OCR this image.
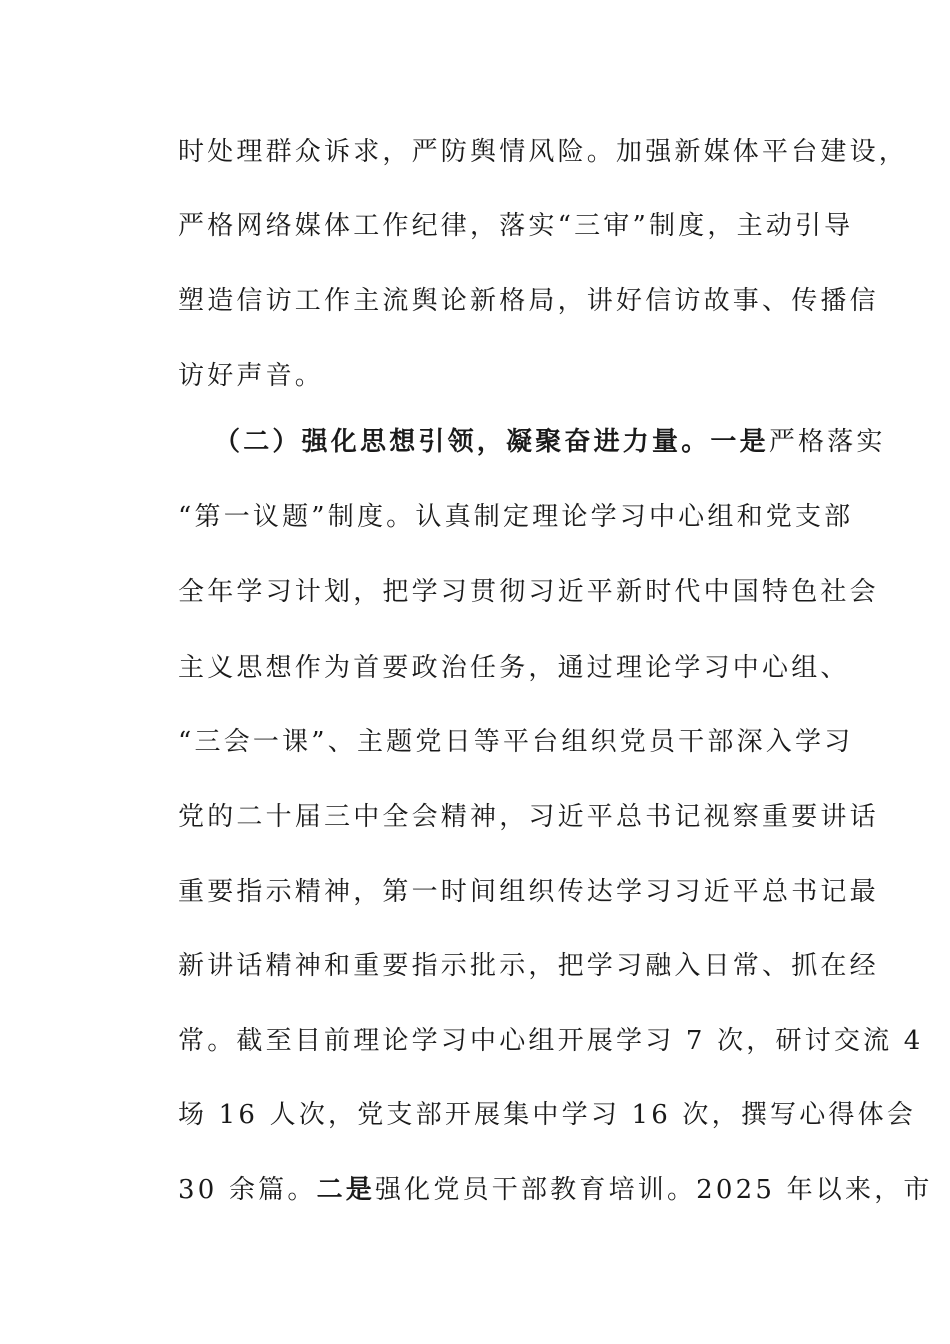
时处理群众诉求，严防舆情风险。加强新媒体平台建设，
严格网络媒体工作纪律，落实“三审”制度，主动引导
塑造信访工作主流舆论新格局，讲好信访故事、传播信
访好声音。
（二）强化思想引领，凝聚奋进力量。一是严格落实
“第一议题”制度。认真制定理论学习中心组和党支部
全年学习计划，把学习贯彻习近平新时代中国特色社会
主义思想作为首要政治任务，通过理论学习中心组、
“三会一课”、主题党日等平台组织党员干部深入学习
党的二十届三中全会精神，习近平总书记视察重要讲话
重要指示精神，第一时间组织传达学习习近平总书记最
新讲话精神和重要指示批示，把学习融入日常、抓在经
常。截至目前理论学习中心组开展学习 7 次，研讨交流 4
场 16 人次，党支部开展集中学习 16 次，撰写心得体会
30 余篇。二是强化党员干部教育培训。2025 年以来，市
